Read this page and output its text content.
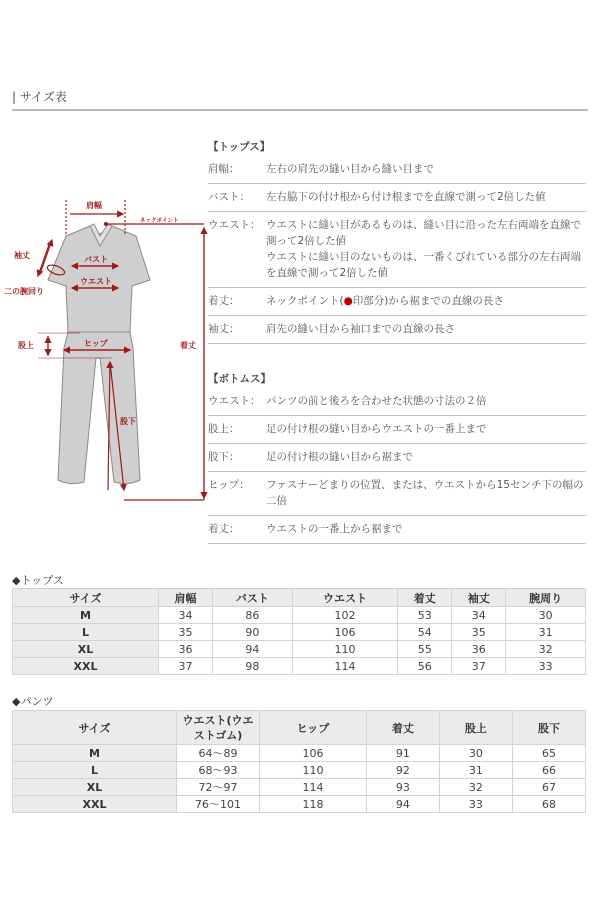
| サイズ表
肩幅
ネックポイント
袖丈	バスト
ウエスト
二の腕回り
股上	ヒップ	着丈
股下
【トップス】
肩幅：	左右の肩先の縫い目から縫い目まで
バスト：	左右脇下の付け根から付け根までを直線で測って2倍した値
ウエスト： ウエストに縫い目があるものは、縫い目に沿った左右両端を直線で測って2倍した値
ウエストに縫い目のないものは、一番くびれている部分の左右両端を直線で測って2倍した値
着丈：	ネックポイント(●印部分)から裾までの直線の長さ
袖丈：	肩先の縫い目から袖口までの直線の長さ
【ボトムス】
ウエスト： パンツの前と後ろを合わせた状態の寸法の２倍
股上：	足の付け根の縫い目からウエストの一番上まで
股下：	足の付け根の縫い目から裾まで
ヒップ：	ファスナーどまりの位置、または、ウエストから15センチ下の幅の二倍
着丈：	ウエストの一番上から裾まで
◆トップス
サイズ	肩幅	バスト	ウエスト	着丈	袖丈	腕周り
M	34	86	102	53	34	30
L	35	90	106	54	35	31
XL	36	94	110	55	36	32
XXL	37	98	114	56	37	33
◆パンツ
サイズ	ウエスト(ウエストゴム)	ヒップ	着丈	股上	股下
M	64～89	106	91	30	65
L	68～93	110	92	31	66
XL	72～97	114	93	32	67
XXL	76～101	118	94	33	68
